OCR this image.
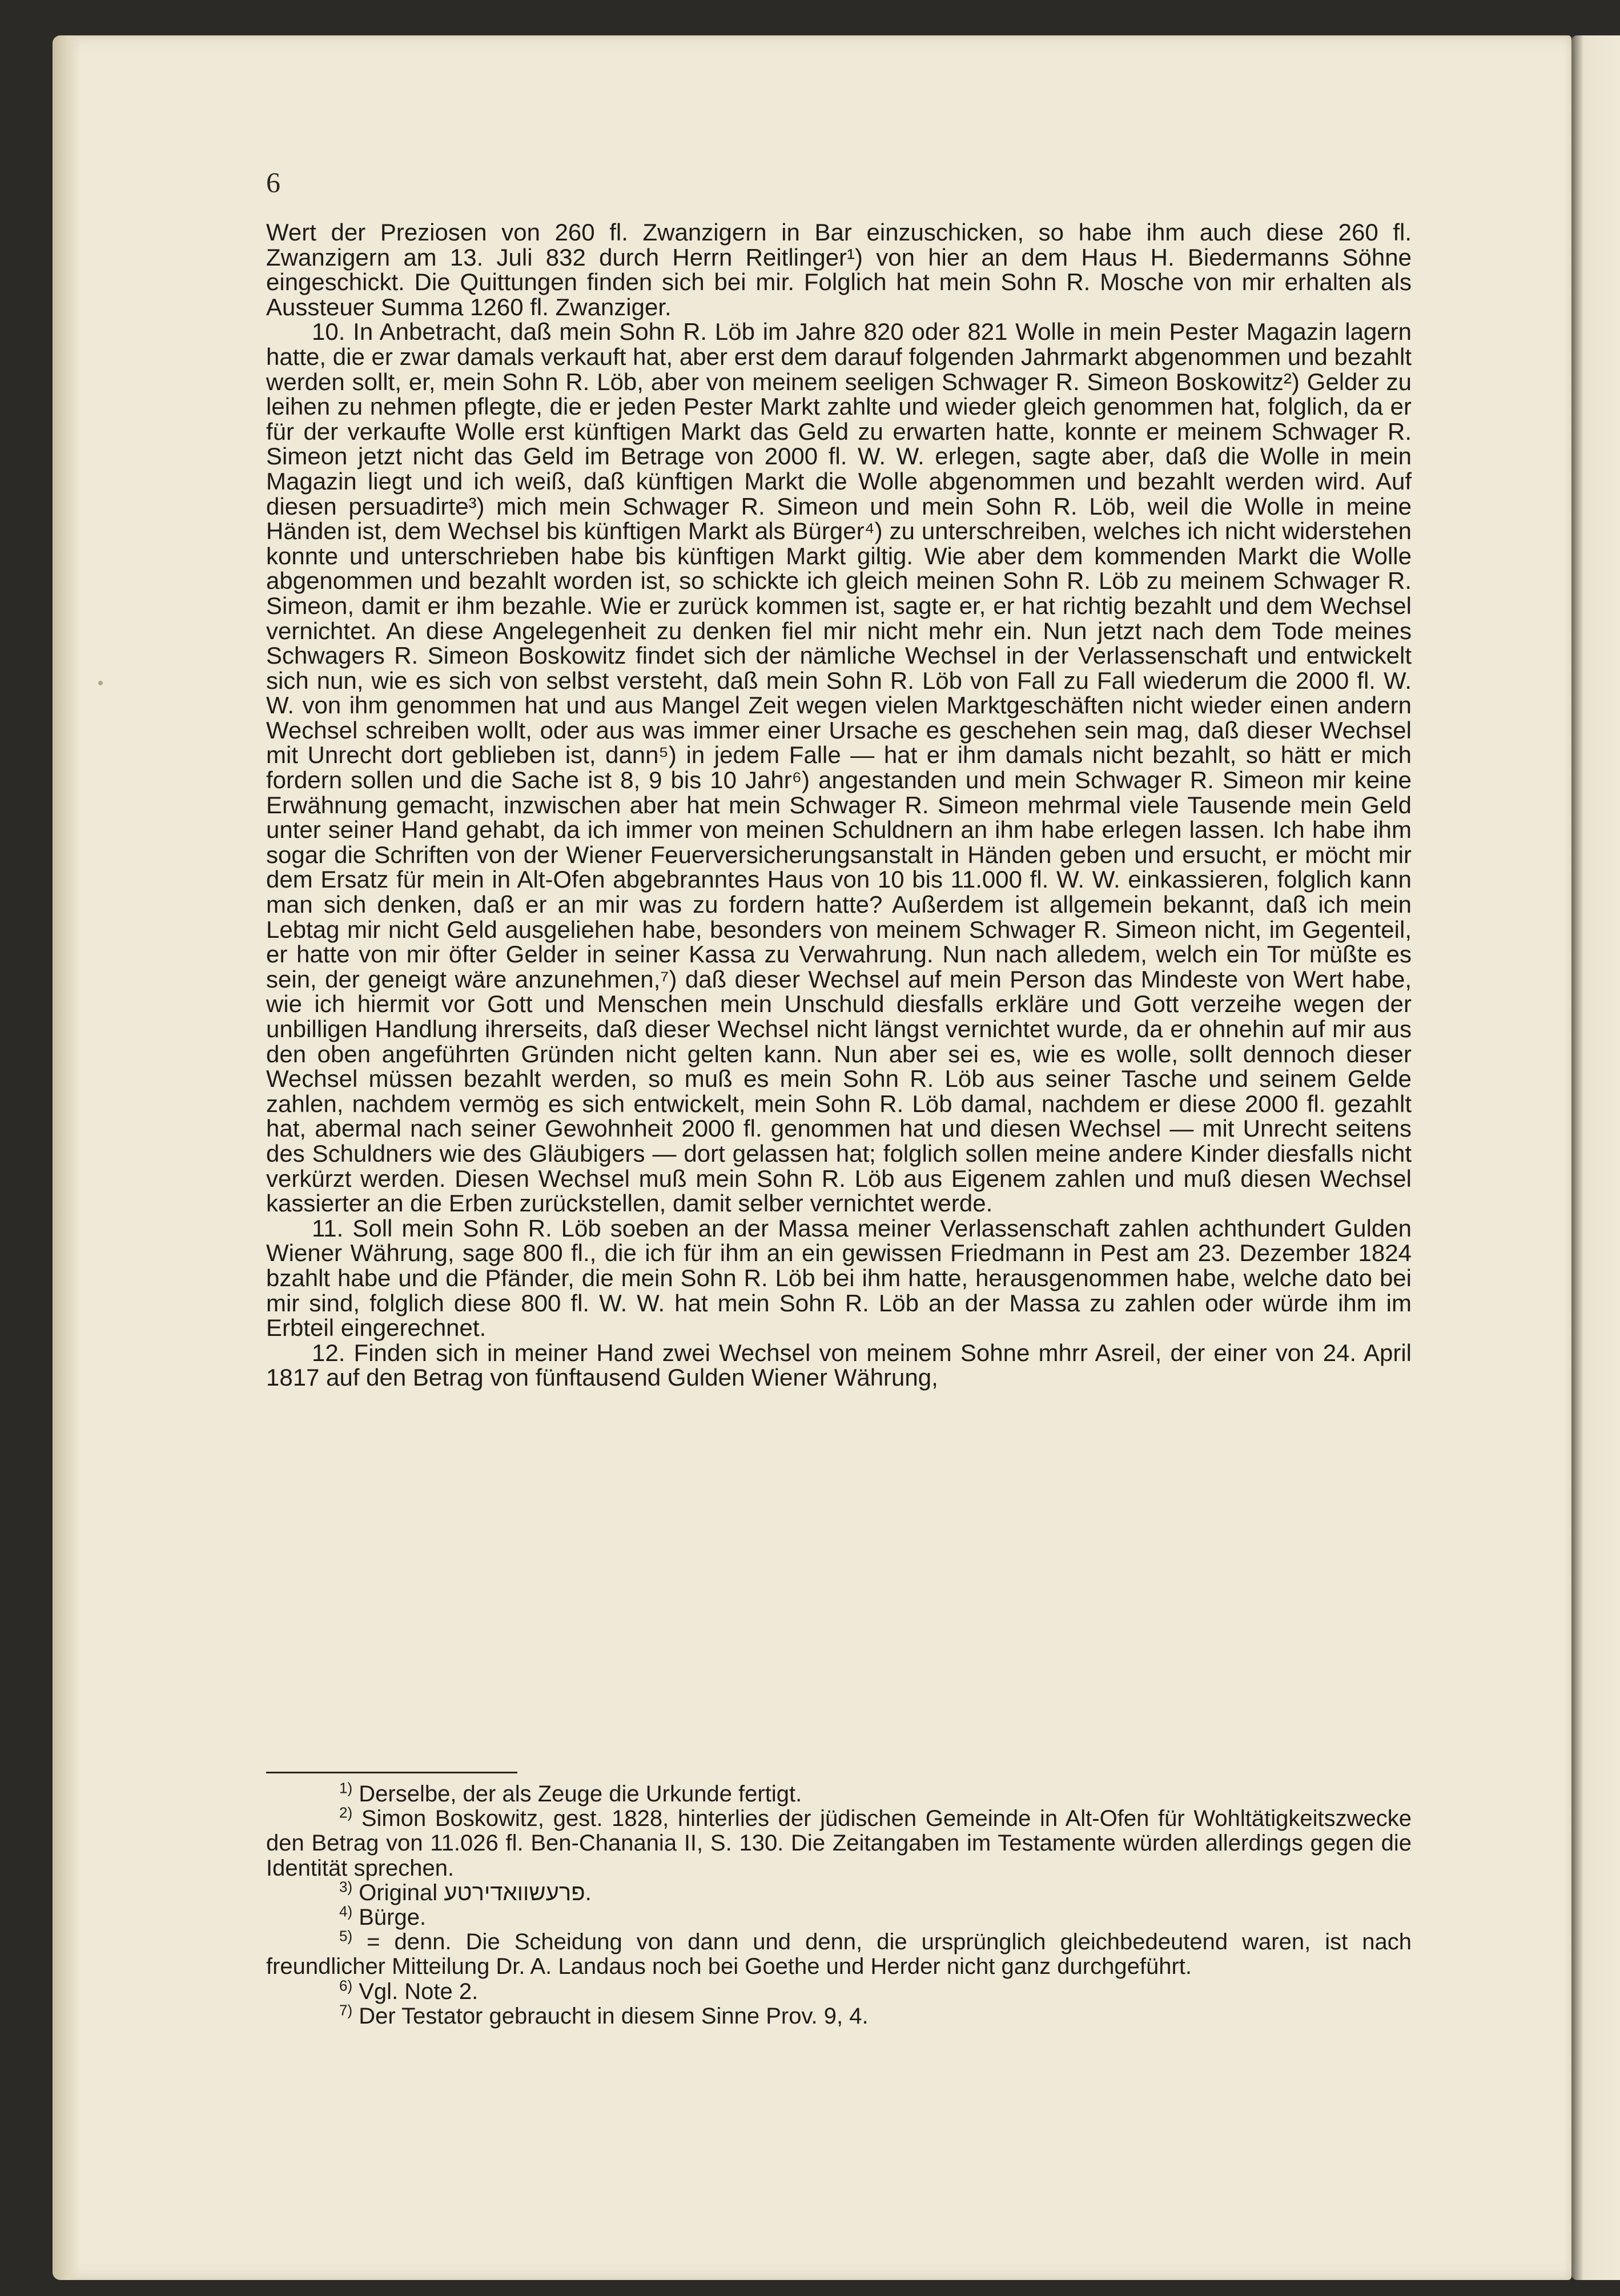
6

Wert der Preziosen von 260 fl. Zwanzigern in Bar einzuschicken, so habe ihm auch diese 260 fl. Zwanzigern am 13. Juli 832 durch Herrn Reitlinger¹) von hier an dem Haus H. Biedermanns Söhne eingeschickt. Die Quittungen finden sich bei mir. Folglich hat mein Sohn R. Mosche von mir erhalten als Aussteuer Summa 1260 fl. Zwanziger.

10. In Anbetracht, daß mein Sohn R. Löb im Jahre 820 oder 821 Wolle in mein Pester Magazin lagern hatte, die er zwar damals verkauft hat, aber erst dem darauf folgenden Jahrmarkt abgenommen und bezahlt werden sollt, er, mein Sohn R. Löb, aber von meinem seeligen Schwager R. Simeon Boskowitz²) Gelder zu leihen zu nehmen pflegte, die er jeden Pester Markt zahlte und wieder gleich genommen hat, folglich, da er für der verkaufte Wolle erst künftigen Markt das Geld zu erwarten hatte, konnte er meinem Schwager R. Simeon jetzt nicht das Geld im Betrage von 2000 fl. W. W. erlegen, sagte aber, daß die Wolle in mein Magazin liegt und ich weiß, daß künftigen Markt die Wolle abgenommen und bezahlt werden wird. Auf diesen persuadirte³) mich mein Schwager R. Simeon und mein Sohn R. Löb, weil die Wolle in meine Händen ist, dem Wechsel bis künftigen Markt als Bürger⁴) zu unterschreiben, welches ich nicht widerstehen konnte und unterschrieben habe bis künftigen Markt giltig. Wie aber dem kommenden Markt die Wolle abgenommen und bezahlt worden ist, so schickte ich gleich meinen Sohn R. Löb zu meinem Schwager R. Simeon, damit er ihm bezahle. Wie er zurück kommen ist, sagte er, er hat richtig bezahlt und dem Wechsel vernichtet. An diese Angelegenheit zu denken fiel mir nicht mehr ein. Nun jetzt nach dem Tode meines Schwagers R. Simeon Boskowitz findet sich der nämliche Wechsel in der Verlassenschaft und entwickelt sich nun, wie es sich von selbst versteht, daß mein Sohn R. Löb von Fall zu Fall wiederum die 2000 fl. W. W. von ihm genommen hat und aus Mangel Zeit wegen vielen Marktgeschäften nicht wieder einen andern Wechsel schreiben wollt, oder aus was immer einer Ursache es geschehen sein mag, daß dieser Wechsel mit Unrecht dort geblieben ist, dann⁵) in jedem Falle — hat er ihm damals nicht bezahlt, so hätt er mich fordern sollen und die Sache ist 8, 9 bis 10 Jahr⁶) angestanden und mein Schwager R. Simeon mir keine Erwähnung gemacht, inzwischen aber hat mein Schwager R. Simeon mehrmal viele Tausende mein Geld unter seiner Hand gehabt, da ich immer von meinen Schuldnern an ihm habe erlegen lassen. Ich habe ihm sogar die Schriften von der Wiener Feuerversicherungsanstalt in Händen geben und ersucht, er möcht mir dem Ersatz für mein in Alt-Ofen abgebranntes Haus von 10 bis 11.000 fl. W. W. einkassieren, folglich kann man sich denken, daß er an mir was zu fordern hatte? Außerdem ist allgemein bekannt, daß ich mein Lebtag mir nicht Geld ausgeliehen habe, besonders von meinem Schwager R. Simeon nicht, im Gegenteil, er hatte von mir öfter Gelder in seiner Kassa zu Verwahrung. Nun nach alledem, welch ein Tor müßte es sein, der geneigt wäre anzunehmen,⁷) daß dieser Wechsel auf mein Person das Mindeste von Wert habe, wie ich hiermit vor Gott und Menschen mein Unschuld diesfalls erkläre und Gott verzeihe wegen der unbilligen Handlung ihrerseits, daß dieser Wechsel nicht längst vernichtet wurde, da er ohnehin auf mir aus den oben angeführten Gründen nicht gelten kann. Nun aber sei es, wie es wolle, sollt dennoch dieser Wechsel müssen bezahlt werden, so muß es mein Sohn R. Löb aus seiner Tasche und seinem Gelde zahlen, nachdem vermög es sich entwickelt, mein Sohn R. Löb damal, nachdem er diese 2000 fl. gezahlt hat, abermal nach seiner Gewohnheit 2000 fl. genommen hat und diesen Wechsel — mit Unrecht seitens des Schuldners wie des Gläubigers — dort gelassen hat; folglich sollen meine andere Kinder diesfalls nicht verkürzt werden. Diesen Wechsel muß mein Sohn R. Löb aus Eigenem zahlen und muß diesen Wechsel kassierter an die Erben zurückstellen, damit selber vernichtet werde.

11. Soll mein Sohn R. Löb soeben an der Massa meiner Verlassenschaft zahlen achthundert Gulden Wiener Währung, sage 800 fl., die ich für ihm an ein gewissen Friedmann in Pest am 23. Dezember 1824 bzahlt habe und die Pfänder, die mein Sohn R. Löb bei ihm hatte, herausgenommen habe, welche dato bei mir sind, folglich diese 800 fl. W. W. hat mein Sohn R. Löb an der Massa zu zahlen oder würde ihm im Erbteil eingerechnet.

12. Finden sich in meiner Hand zwei Wechsel von meinem Sohne mhrr Asreil, der einer von 24. April 1817 auf den Betrag von fünftausend Gulden Wiener Währung,

$^{1)}$ Derselbe, der als Zeuge die Urkunde fertigt.

$^{2)}$ Simon Boskowitz, gest. 1828, hinterlies der jüdischen Gemeinde in Alt-Ofen für Wohltätigkeitszwecke den Betrag von 11.026 fl. Ben-Chanania II, S. 130. Die Zeitangaben im Testamente würden allerdings gegen die Identität sprechen.

$^{3)}$ Original פרעשוואדירטע.

$^{4)}$ Bürge.

$^{5)}$ = denn. Die Scheidung von dann und denn, die ursprünglich gleichbedeutend waren, ist nach freundlicher Mitteilung Dr. A. Landaus noch bei Goethe und Herder nicht ganz durchgeführt.

$^{6)}$ Vgl. Note 2.

$^{7)}$ Der Testator gebraucht in diesem Sinne Prov. 9, 4.
